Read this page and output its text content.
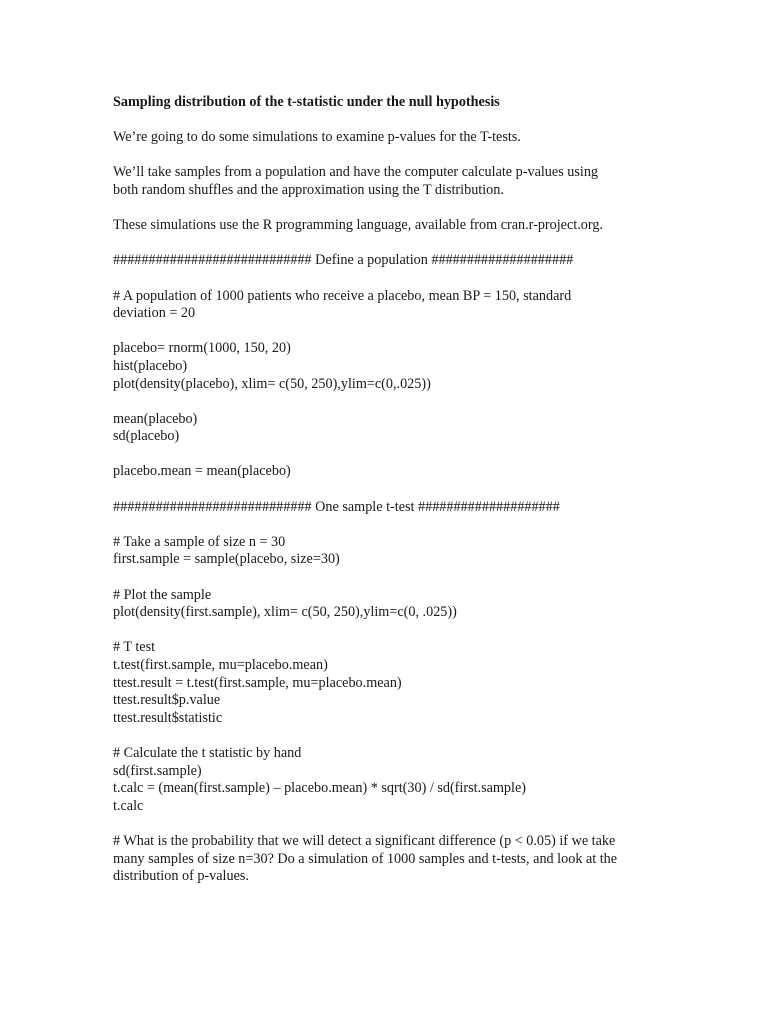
Sampling distribution of the t-statistic under the null hypothesis

We’re going to do some simulations to examine p-values for the T-tests.

We’ll take samples from a population and have the computer calculate p-values using
both random shuffles and the approximation using the T distribution.

These simulations use the R programming language, available from cran.r-project.org.

############################ Define a population ####################

# A population of 1000 patients who receive a placebo, mean BP = 150, standard
deviation = 20

placebo= rnorm(1000, 150, 20)
hist(placebo)
plot(density(placebo), xlim= c(50, 250),ylim=c(0,.025))

mean(placebo)
sd(placebo)

placebo.mean = mean(placebo)

############################ One sample t-test ####################

# Take a sample of size n = 30
first.sample = sample(placebo, size=30)

# Plot the sample
plot(density(first.sample), xlim= c(50, 250),ylim=c(0, .025))

# T test
t.test(first.sample, mu=placebo.mean)
ttest.result = t.test(first.sample, mu=placebo.mean)
ttest.result$p.value
ttest.result$statistic

# Calculate the t statistic by hand
sd(first.sample)
t.calc = (mean(first.sample) – placebo.mean) * sqrt(30) / sd(first.sample)
t.calc

# What is the probability that we will detect a significant difference (p < 0.05) if we take
many samples of size n=30? Do a simulation of 1000 samples and t-tests, and look at the
distribution of p-values.
